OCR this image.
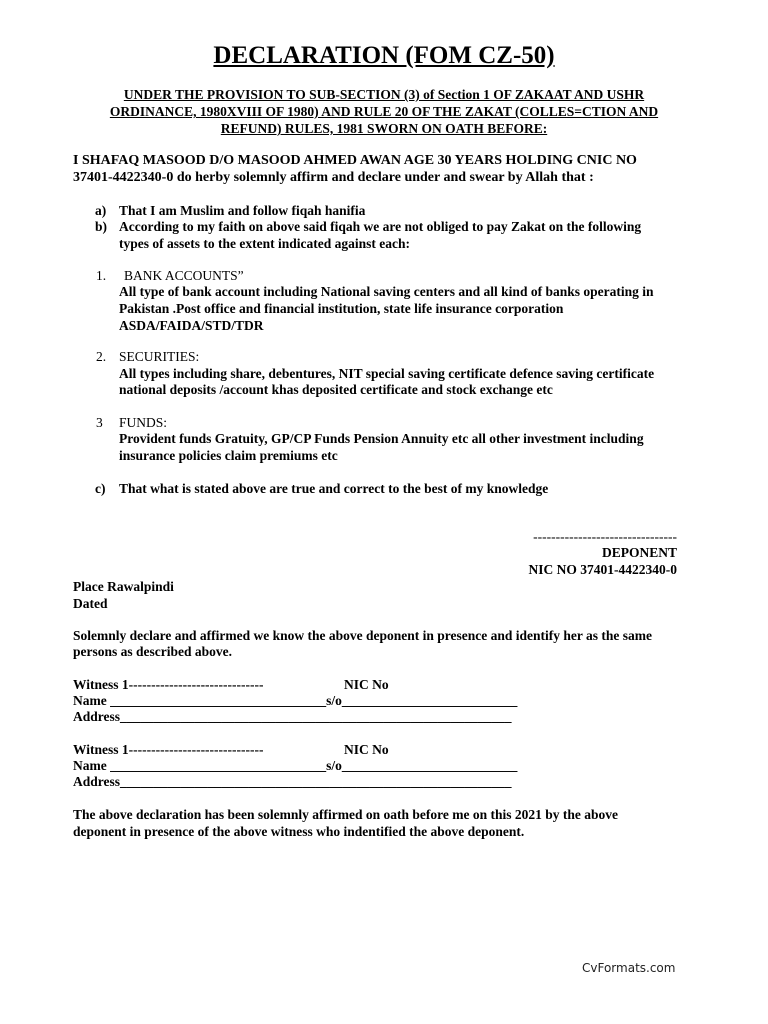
DECLARATION (FOM CZ-50)
UNDER THE PROVISION TO SUB-SECTION (3) of Section 1 OF ZAKAAT AND USHR
ORDINANCE, 1980XVIII OF 1980) AND RULE 20 OF THE ZAKAT (COLLES=CTION AND
REFUND) RULES, 1981 SWORN ON OATH BEFORE:
I SHAFAQ MASOOD D/O MASOOD AHMED AWAN AGE 30 YEARS HOLDING CNIC NO
37401-4422340-0 do herby solemnly affirm and declare under and swear by Allah that :
a) That I am Muslim and follow fiqah hanifia
b) According to my faith on above said fiqah we are not obliged to pay Zakat on the following
types of assets to the extent indicated against each:
1. BANK ACCOUNTS”
All type of bank account including National saving centers and all kind of banks operating in
Pakistan .Post office and financial institution, state life insurance corporation
ASDA/FAIDA/STD/TDR
2. SECURITIES:
All types including share, debentures, NIT special saving certificate defence saving certificate
national deposits /account khas deposited certificate and stock exchange etc
3 FUNDS:
Provident funds Gratuity, GP/CP Funds Pension Annuity etc all other investment including
insurance policies claim premiums etc
c) That what is stated above are true and correct to the best of my knowledge
--------------------------------
DEPONENT
NIC NO 37401-4422340-0
Place Rawalpindi
Dated
Solemnly declare and affirmed we know the above deponent in presence and identify her as the same
persons as described above.
Witness 1------------------------------	NIC No
Name ________________________________s/o__________________________
Address__________________________________________________________
Witness 1------------------------------	NIC No
Name ________________________________s/o__________________________
Address__________________________________________________________
The above declaration has been solemnly affirmed on oath before me on this 2021 by the above
deponent in presence of the above witness who indentified the above deponent.
CvFormats.com
